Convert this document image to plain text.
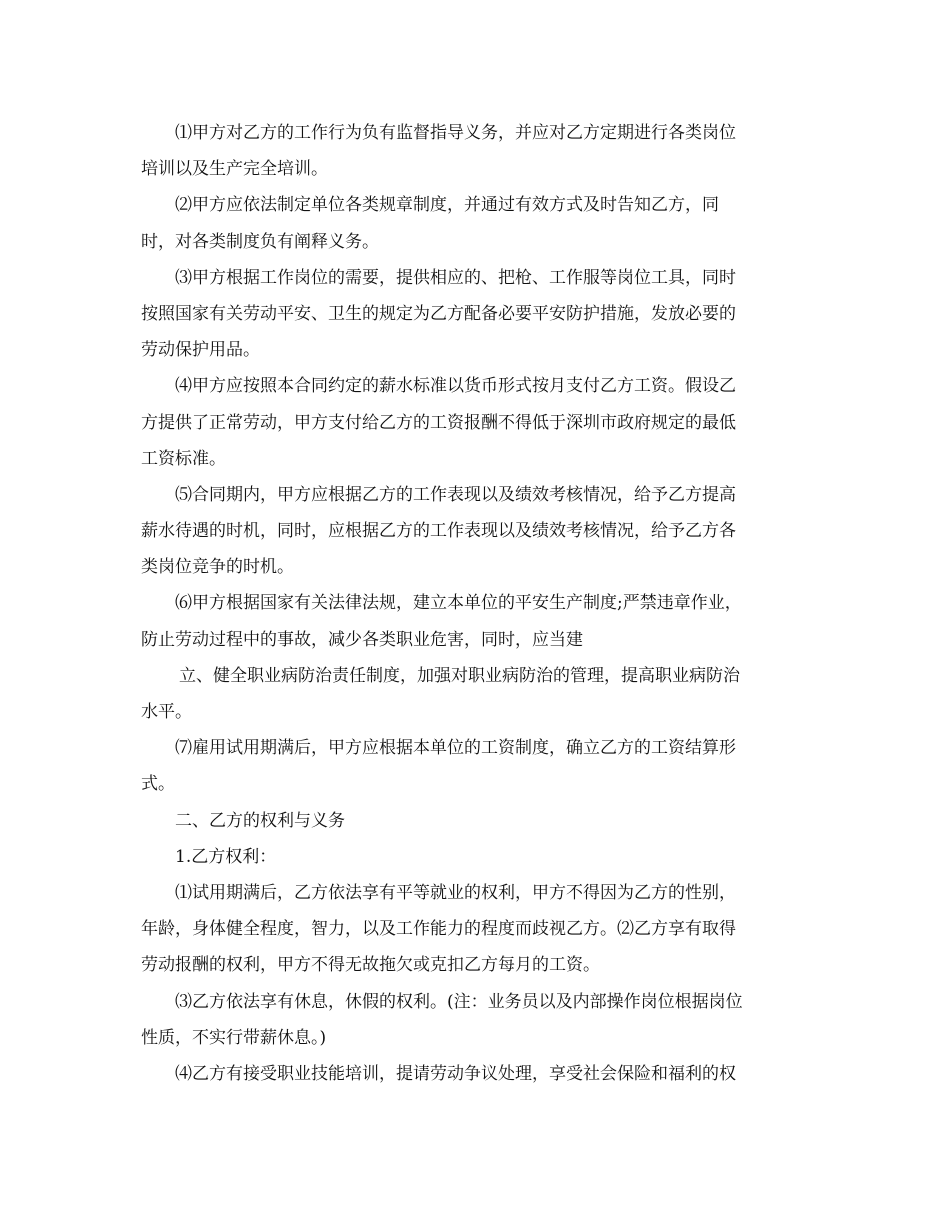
⑴甲方对乙方的工作行为负有监督指导义务，并应对乙方定期进行各类岗位
培训以及生产完全培训。
⑵甲方应依法制定单位各类规章制度，并通过有效方式及时告知乙方，同
时，对各类制度负有阐释义务。
⑶甲方根据工作岗位的需要，提供相应的、把枪、工作服等岗位工具，同时
按照国家有关劳动平安、卫生的规定为乙方配备必要平安防护措施，发放必要的
劳动保护用品。
⑷甲方应按照本合同约定的薪水标准以货币形式按月支付乙方工资。假设乙
方提供了正常劳动，甲方支付给乙方的工资报酬不得低于深圳市政府规定的最低
工资标准。
⑸合同期内，甲方应根据乙方的工作表现以及绩效考核情况，给予乙方提高
薪水待遇的时机，同时，应根据乙方的工作表现以及绩效考核情况，给予乙方各
类岗位竞争的时机。
⑹甲方根据国家有关法律法规，建立本单位的平安生产制度;严禁违章作业，
防止劳动过程中的事故，减少各类职业危害，同时，应当建
立、健全职业病防治责任制度，加强对职业病防治的管理，提高职业病防治
水平。
⑺雇用试用期满后，甲方应根据本单位的工资制度，确立乙方的工资结算形
式。
二、乙方的权利与义务
1.乙方权利：
⑴试用期满后，乙方依法享有平等就业的权利，甲方不得因为乙方的性别，
年龄，身体健全程度，智力，以及工作能力的程度而歧视乙方。⑵乙方享有取得
劳动报酬的权利，甲方不得无故拖欠或克扣乙方每月的工资。
⑶乙方依法享有休息，休假的权利。(注：业务员以及内部操作岗位根据岗位
性质，不实行带薪休息。)
⑷乙方有接受职业技能培训，提请劳动争议处理，享受社会保险和福利的权
